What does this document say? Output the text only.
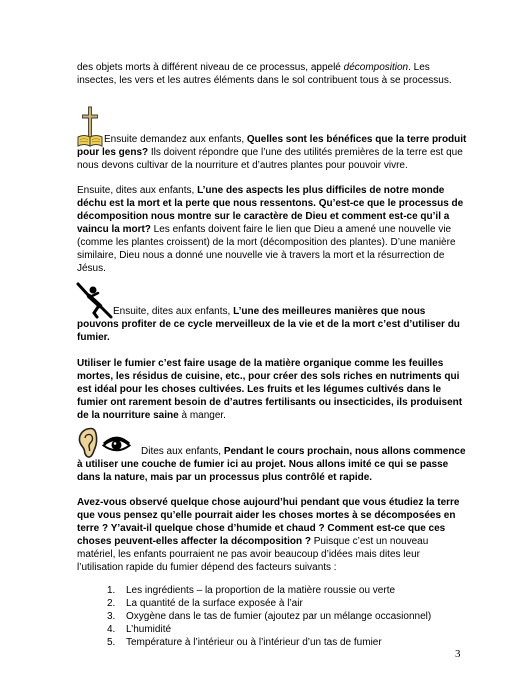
des objets morts à différent niveau de ce processus, appelé décomposition. Les
insectes, les vers et les autres éléments dans le sol contribuent tous à se processus.
Ensuite demandez aux enfants, Quelles sont les bénéfices que la terre produit
pour les gens? Ils doivent répondre que l’une des utilités premières de la terre est que
nous devons cultivar de la nourriture et d’autres plantes pour pouvoir vivre.
Ensuite, dites aux enfants, L’une des aspects les plus difficiles de notre monde
déchu est la mort et la perte que nous ressentons. Qu’est-ce que le processus de
décomposition nous montre sur le caractère de Dieu et comment est-ce qu’il a
vaincu la mort? Les enfants doivent faire le lien que Dieu a amené une nouvelle vie
(comme les plantes croissent) de la mort (décomposition des plantes). D’une manière
similaire, Dieu nous a donné une nouvelle vie à travers la mort et la résurrection de
Jésus.
Ensuite, dites aux enfants, L’une des meilleures manières que nous
pouvons profiter de ce cycle merveilleux de la vie et de la mort c’est d’utiliser du
fumier.
Utiliser le fumier c’est faire usage de la matière organique comme les feuilles
mortes, les résidus de cuisine, etc., pour créer des sols riches en nutriments qui
est idéal pour les choses cultivées. Les fruits et les légumes cultivés dans le
fumier ont rarement besoin de d’autres fertilisants ou insecticides, ils produisent
de la nourriture saine à manger.
Dites aux enfants, Pendant le cours prochain, nous allons commence
à utiliser une couche de fumier ici au projet. Nous allons imité ce qui se passe
dans la nature, mais par un processus plus contrôlé et rapide.
Avez-vous observé quelque chose aujourd’hui pendant que vous étudiez la terre
que vous pensez qu’elle pourrait aider les choses mortes à se décomposées en
terre ? Y’avait-il quelque chose d’humide et chaud ? Comment est-ce que ces
choses peuvent-elles affecter la décomposition ? Puisque c’est un nouveau
matériel, les enfants pourraient ne pas avoir beaucoup d’idées mais dites leur
l’utilisation rapide du fumier dépend des facteurs suivants :
1. Les ingrédients – la proportion de la matière roussie ou verte
2. La quantité de la surface exposée à l’air
3. Oxygène dans le tas de fumier (ajoutez par un mélange occasionnel)
4. L’humidité
5. Température à l’intérieur ou à l’intérieur d’un tas de fumier
3
